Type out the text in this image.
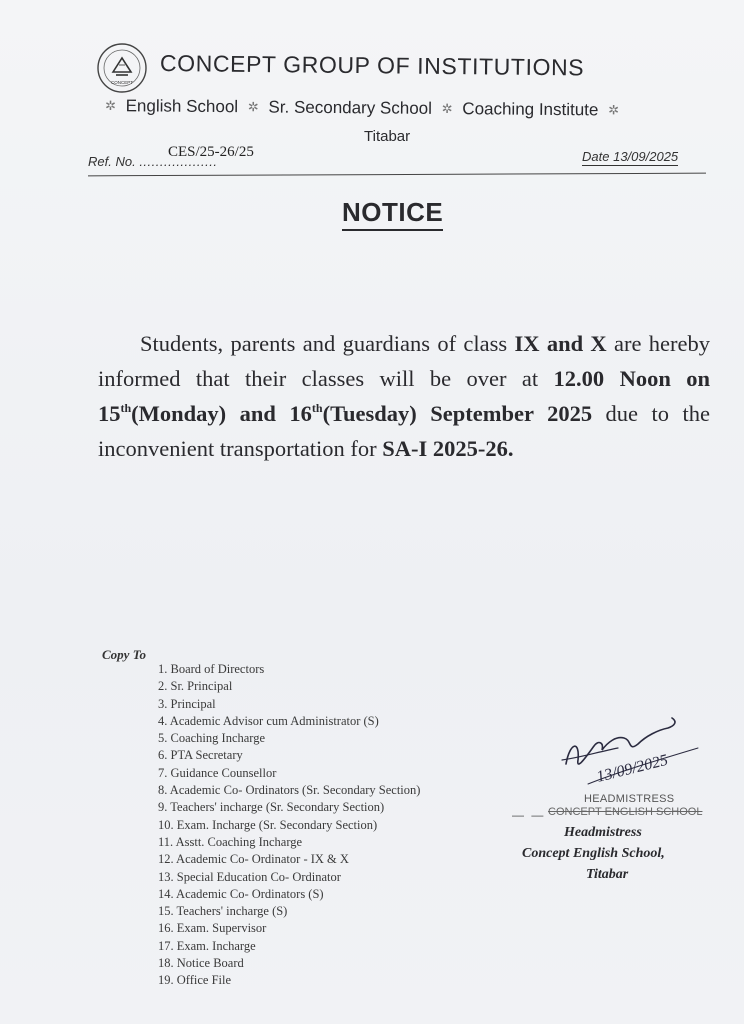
CONCEPT
CONCEPT GROUP OF INSTITUTIONS
✲ English School ✲ Sr. Secondary School ✲ Coaching Institute ✲
Titabar
Ref. No. ...................
CES/25-26/25	Date 13/09/2025
NOTICE
Students, parents and guardians of class IX and X are hereby informed that their classes will be over at 12.00 Noon on 15th(Monday) and 16th(Tuesday) September 2025 due to the inconvenient transportation for SA-I 2025-26.
Copy To
1. Board of Directors
2. Sr. Principal
3. Principal
4. Academic Advisor cum Administrator (S)
5. Coaching Incharge
6. PTA Secretary
7. Guidance Counsellor
8. Academic Co- Ordinators (Sr. Secondary Section)
9. Teachers' incharge (Sr. Secondary Section)
10. Exam. Incharge (Sr. Secondary Section)
11. Asstt. Coaching Incharge
12. Academic Co- Ordinator - IX & X
13. Special Education Co- Ordinator
14. Academic Co- Ordinators (S)
15. Teachers' incharge (S)
16. Exam. Supervisor
17. Exam. Incharge
18. Notice Board
19. Office File
13/09/2025
HEADMISTRESS
— — CONCEPT ENGLISH SCHOOL
Headmistress
Concept English School,
Titabar
